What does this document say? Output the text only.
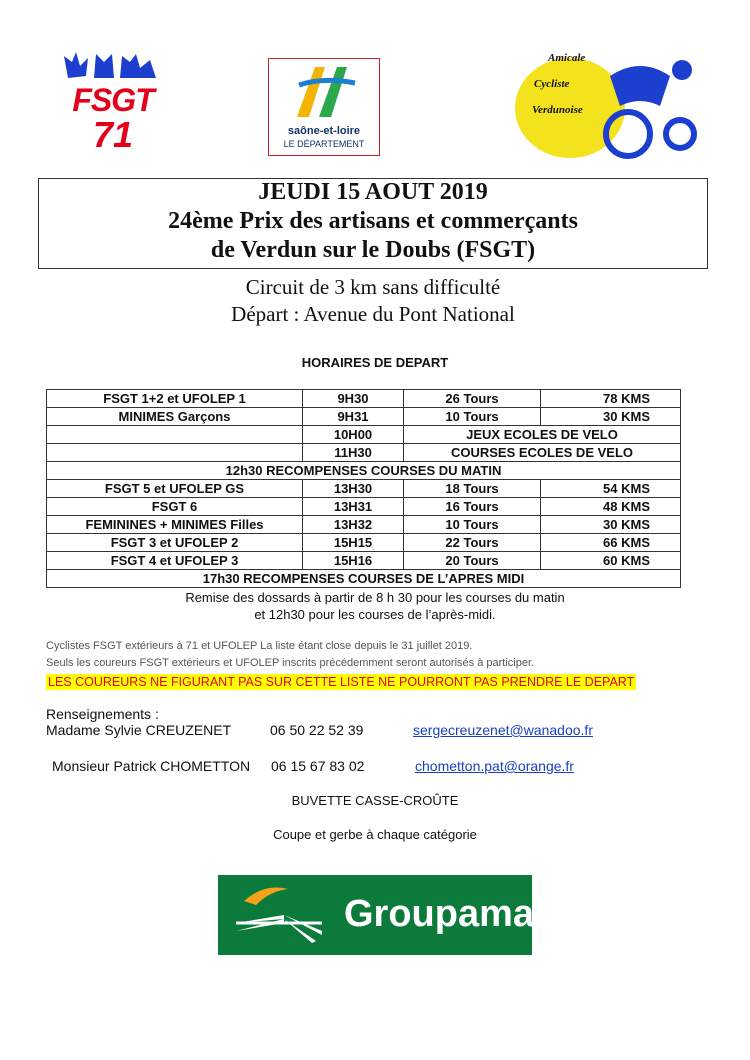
FSGT
71	saône-et-loire
LE DÉPARTEMENT
Amicale
Cycliste
Verdunoise
JEUDI 15 AOUT 2019
24ème Prix des artisans et commerçants
de Verdun sur le Doubs (FSGT)
Circuit de 3 km sans difficulté
Départ : Avenue du Pont National
HORAIRES DE DEPART
FSGT 1+2 et UFOLEP 1	9H30	26 Tours	78 KMS
MINIMES Garçons	9H31	10 Tours	30 KMS
	10H00	JEUX ECOLES DE VELO	
	11H30	COURSES ECOLES DE VELO	
12h30 RECOMPENSES COURSES DU MATIN			
FSGT 5 et UFOLEP GS	13H30	18 Tours	54 KMS
FSGT 6	13H31	16 Tours	48 KMS
FEMININES + MINIMES Filles	13H32	10 Tours	30 KMS
FSGT 3 et UFOLEP 2	15H15	22 Tours	66 KMS
FSGT 4 et UFOLEP 3	15H16	20 Tours	60 KMS
17h30 RECOMPENSES COURSES DE L’APRES MIDI			
Remise des dossards à partir de 8 h 30 pour les courses du matin
et 12h30 pour les courses de l’après-midi.
Cyclistes FSGT extérieurs à 71 et UFOLEP La liste étant close depuis le 31 juillet 2019.
Seuls les coureurs FSGT extérieurs et UFOLEP inscrits précédemment seront autorisés à participer.
LES COUREURS NE FIGURANT PAS SUR CETTE LISTE NE POURRONT PAS PRENDRE LE DEPART
Renseignements :
Madame Sylvie CREUZENET	06 50 22 52 39	sergecreuzenet@wanadoo.fr
Monsieur Patrick CHOMETTON 06 15 67 83 02	chometton.pat@orange.fr
BUVETTE CASSE-CROÛTE
Coupe et gerbe à chaque catégorie
Groupama
